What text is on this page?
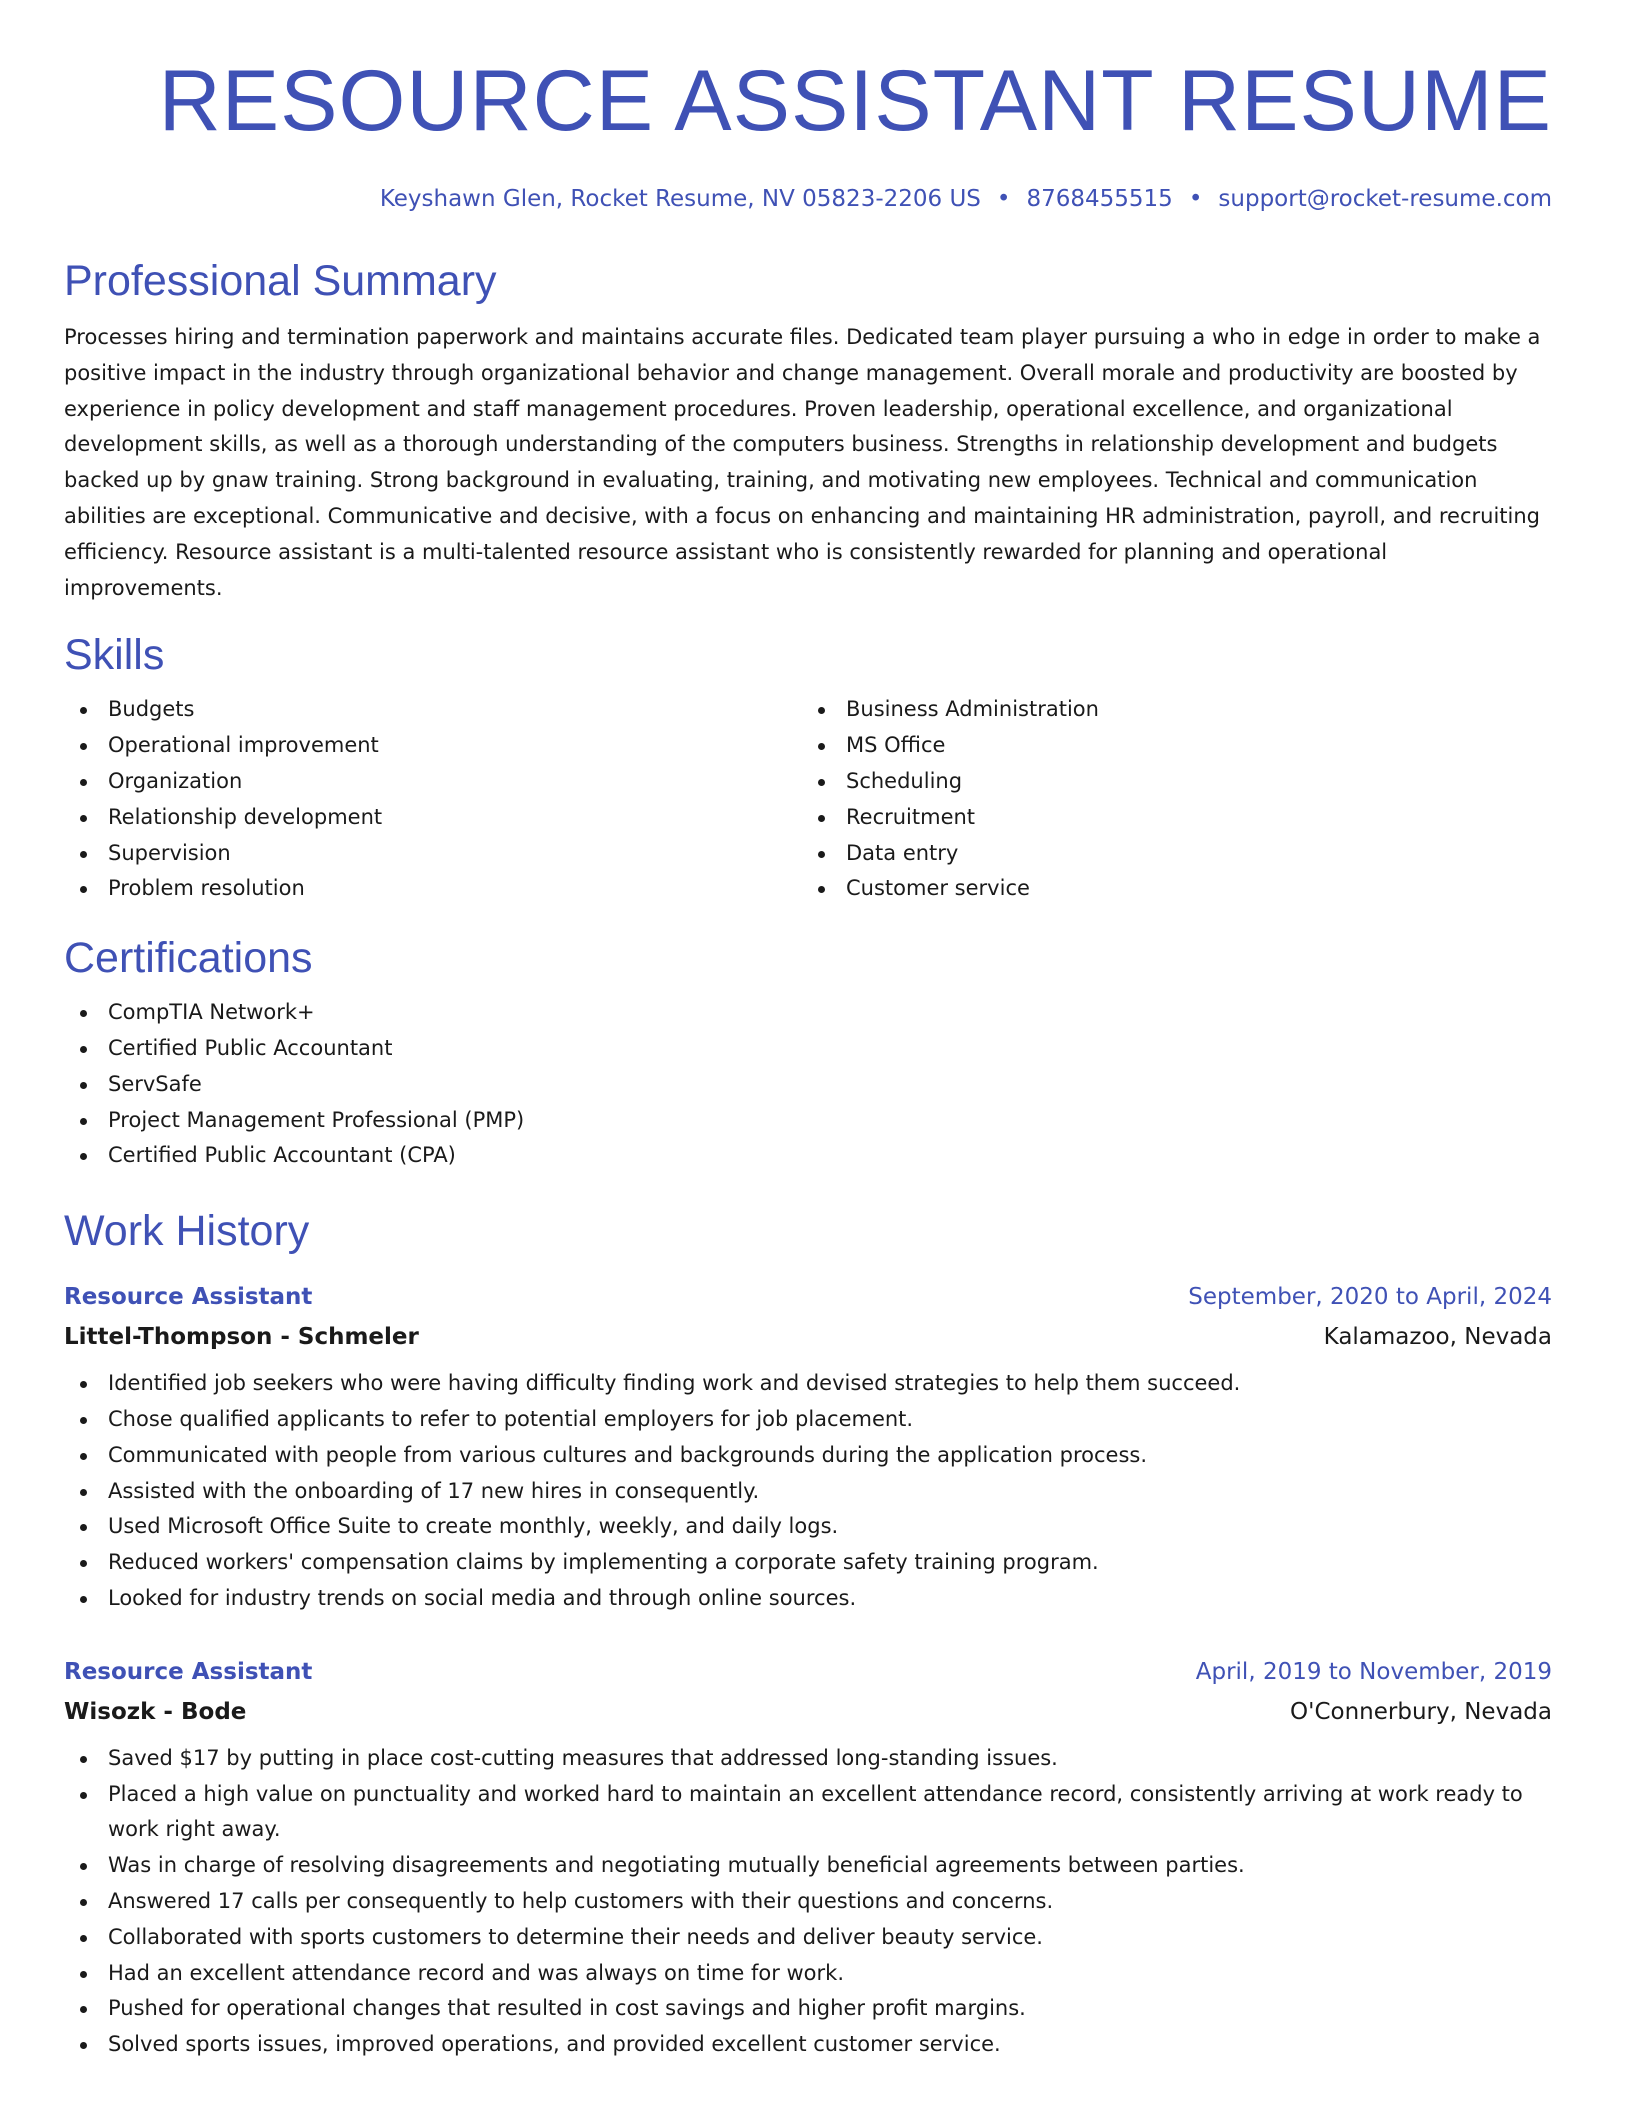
RESOURCE ASSISTANT RESUME
Keyshawn Glen, Rocket Resume, NV 05823-2206 US • 8768455515 • support@rocket-resume.com
Professional Summary

Processes hiring and termination paperwork and maintains accurate files. Dedicated team player pursuing a who in edge in order to make a positive impact in the industry through organizational behavior and change management. Overall morale and productivity are boosted by experience in policy development and staff management procedures. Proven leadership, operational excellence, and organizational development skills, as well as a thorough understanding of the computers business. Strengths in relationship development and budgets backed up by gnaw training. Strong background in evaluating, training, and motivating new employees. Technical and communication abilities are exceptional. Communicative and decisive, with a focus on enhancing and maintaining HR administration, payroll, and recruiting efficiency. Resource assistant is a multi-talented resource assistant who is consistently rewarded for planning and operational improvements.

Skills
Budgets
Operational improvement
Organization
Relationship development
Supervision
Problem resolution
Business Administration
MS Office
Scheduling
Recruitment
Data entry
Customer service
Certifications
CompTIA Network+
Certified Public Accountant
ServSafe
Project Management Professional (PMP)
Certified Public Accountant (CPA)
Work History
Resource Assistant	September, 2020 to April, 2024
Littel-Thompson - Schmeler	Kalamazoo, Nevada
Identified job seekers who were having difficulty finding work and devised strategies to help them succeed.
Chose qualified applicants to refer to potential employers for job placement.
Communicated with people from various cultures and backgrounds during the application process.
Assisted with the onboarding of 17 new hires in consequently.
Used Microsoft Office Suite to create monthly, weekly, and daily logs.
Reduced workers' compensation claims by implementing a corporate safety training program.
Looked for industry trends on social media and through online sources.
Resource Assistant	April, 2019 to November, 2019
Wisozk - Bode	O'Connerbury, Nevada
Saved $17 by putting in place cost-cutting measures that addressed long-standing issues.
Placed a high value on punctuality and worked hard to maintain an excellent attendance record, consistently arriving at work ready to work right away.
Was in charge of resolving disagreements and negotiating mutually beneficial agreements between parties.
Answered 17 calls per consequently to help customers with their questions and concerns.
Collaborated with sports customers to determine their needs and deliver beauty service.
Had an excellent attendance record and was always on time for work.
Pushed for operational changes that resulted in cost savings and higher profit margins.
Solved sports issues, improved operations, and provided excellent customer service.
